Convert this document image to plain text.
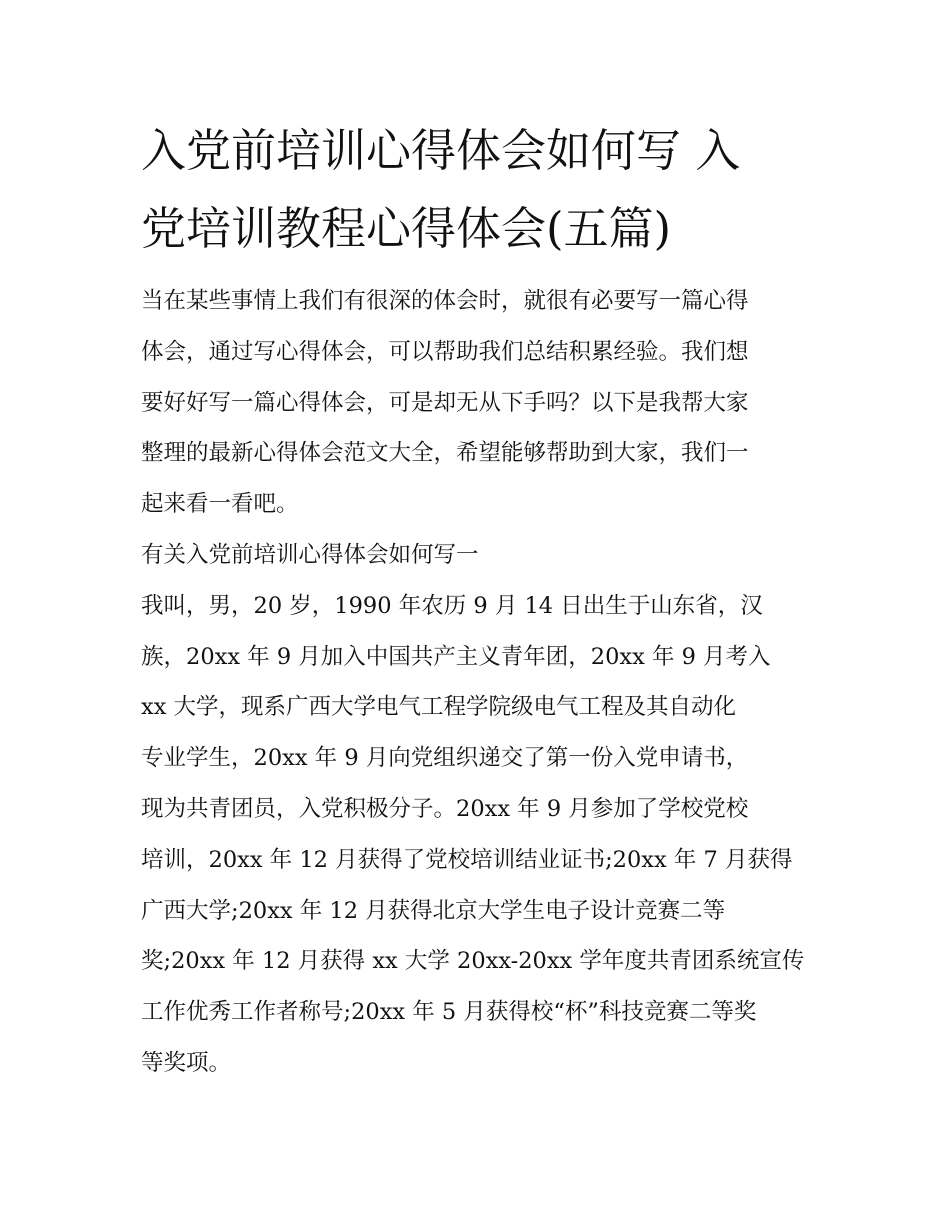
入党前培训心得体会如何写 入
党培训教程心得体会(五篇)
当在某些事情上我们有很深的体会时，就很有必要写一篇心得
体会，通过写心得体会，可以帮助我们总结积累经验。我们想
要好好写一篇心得体会，可是却无从下手吗？以下是我帮大家
整理的最新心得体会范文大全，希望能够帮助到大家，我们一
起来看一看吧。
有关入党前培训心得体会如何写一
我叫，男，20 岁，1990 年农历 9 月 14 日出生于山东省，汉
族，20xx 年 9 月加入中国共产主义青年团，20xx 年 9 月考入
xx 大学，现系广西大学电气工程学院级电气工程及其自动化
专业学生，20xx 年 9 月向党组织递交了第一份入党申请书，
现为共青团员，入党积极分子。20xx 年 9 月参加了学校党校
培训，20xx 年 12 月获得了党校培训结业证书;20xx 年 7 月获得
广西大学;20xx 年 12 月获得北京大学生电子设计竞赛二等
奖;20xx 年 12 月获得 xx 大学 20xx-20xx 学年度共青团系统宣传
工作优秀工作者称号;20xx 年 5 月获得校“杯”科技竞赛二等奖
等奖项。
